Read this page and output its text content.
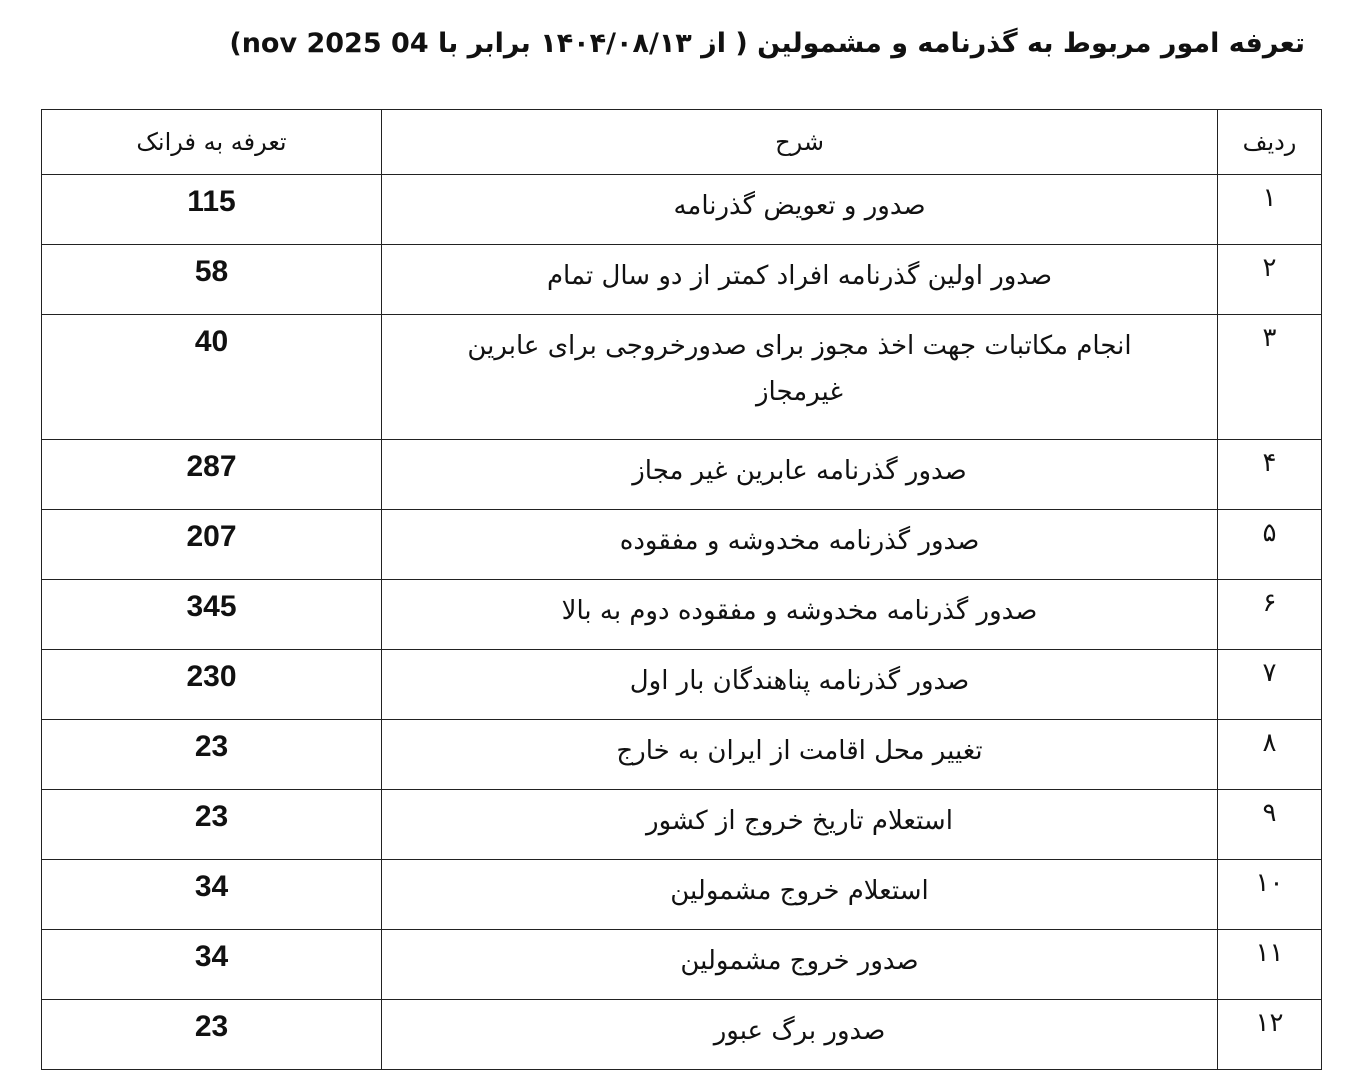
تعرفه امور مربوط به گذرنامه و مشمولین ( از ۱۴۰۴/۰۸/۱۳ برابر با 04 nov 2025)
ردیف	شرح	تعرفه به فرانک
۱	صدور و تعویض گذرنامه	115
۲	صدور اولین گذرنامه افراد کمتر از دو سال تمام	58
۳	انجام مکاتبات جهت اخذ مجوز برای صدورخروجی برای عابرین غیرمجاز	40
۴	صدور گذرنامه عابرین غیر مجاز	287
۵	صدور گذرنامه مخدوشه و مفقوده	207
۶	صدور گذرنامه مخدوشه و مفقوده دوم به بالا	345
۷	صدور گذرنامه پناهندگان بار اول	230
۸	تغییر محل اقامت از ایران به خارج	23
۹	استعلام تاریخ خروج از کشور	23
۱۰	استعلام خروج مشمولین	34
۱۱	صدور خروج مشمولین	34
۱۲	صدور برگ عبور	23
